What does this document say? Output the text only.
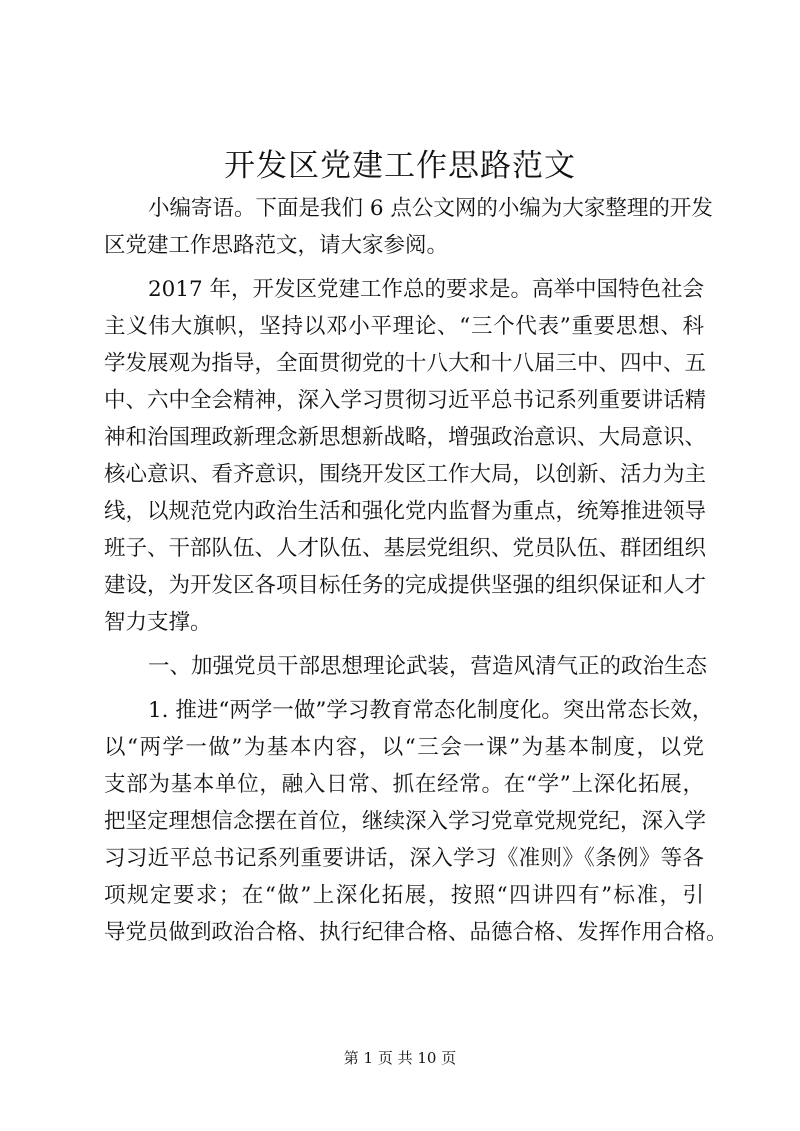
开发区党建工作思路范文
小编寄语。下面是我们 6 点公文网的小编为大家整理的开发
区党建工作思路范文，请大家参阅。
2017 年，开发区党建工作总的要求是。高举中国特色社会
主义伟大旗帜，坚持以邓小平理论、“三个代表”重要思想、科
学发展观为指导，全面贯彻党的十八大和十八届三中、四中、五
中、六中全会精神，深入学习贯彻习近平总书记系列重要讲话精
神和治国理政新理念新思想新战略，增强政治意识、大局意识、
核心意识、看齐意识，围绕开发区工作大局，以创新、活力为主
线，以规范党内政治生活和强化党内监督为重点，统筹推进领导
班子、干部队伍、人才队伍、基层党组织、党员队伍、群团组织
建设，为开发区各项目标任务的完成提供坚强的组织保证和人才
智力支撑。
一、加强党员干部思想理论武装，营造风清气正的政治生态
1. 推进“两学一做”学习教育常态化制度化。突出常态长效，
以“两学一做”为基本内容，以“三会一课”为基本制度，以党
支部为基本单位，融入日常、抓在经常。在“学”上深化拓展，
把坚定理想信念摆在首位，继续深入学习党章党规党纪，深入学
习习近平总书记系列重要讲话，深入学习《准则》《条例》等各
项规定要求；在“做”上深化拓展，按照“四讲四有”标准，引
导党员做到政治合格、执行纪律合格、品德合格、发挥作用合格。
第 1 页 共 10 页
